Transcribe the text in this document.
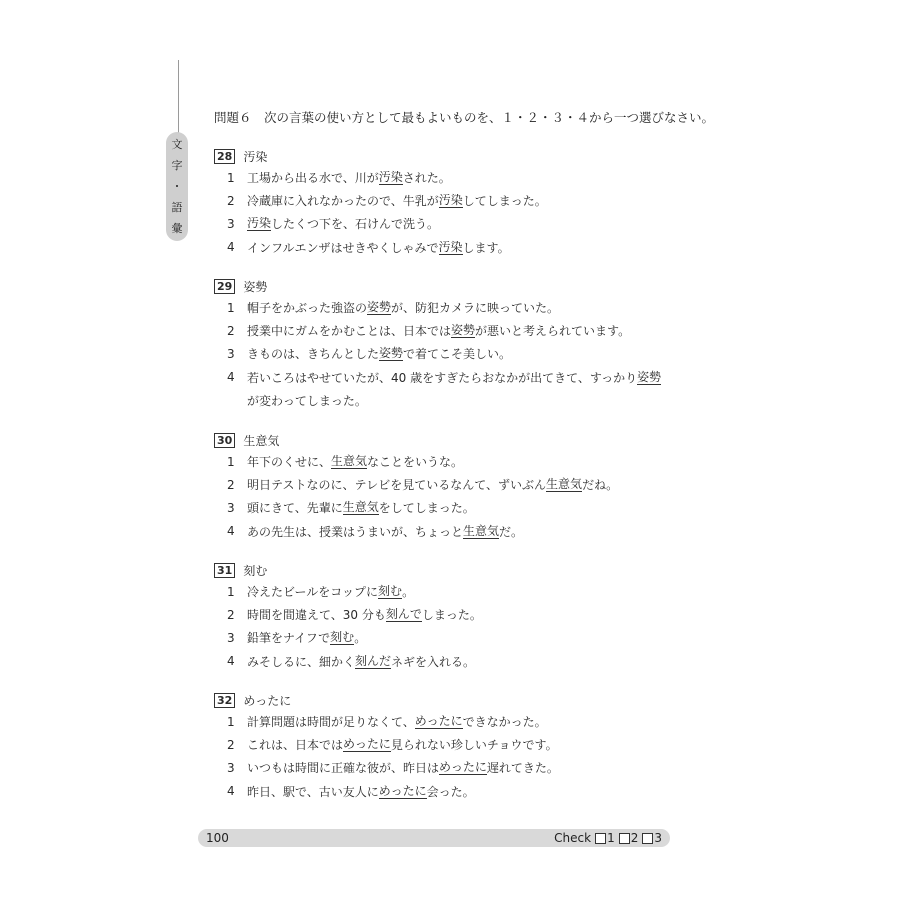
文
字
・
語
彙
問題６　次の言葉の使い方として最もよいものを、１・２・３・４から一つ選びなさい。
28 汚染
1	工場から出る水で、川が 汚染 された。
2	冷蔵庫に入れなかったので、牛乳が 汚染 してしまった。
3	汚染 したくつ下を、石けんで洗う。
4	インフルエンザはせきやくしゃみで 汚染 します。
29 姿勢
1	帽子をかぶった強盗の 姿勢 が、防犯カメラに映っていた。
2	授業中にガムをかむことは、日本では 姿勢 が悪いと考えられています。
3	きものは、きちんとした 姿勢 で着てこそ美しい。
4	若いころはやせていたが、40 歳をすぎたらおなかが出てきて、すっかり 姿勢
が変わってしまった。
30 生意気
1	年下のくせに、 生意気 なことをいうな。
2	明日テストなのに、テレビを見ているなんて、ずいぶん 生意気 だね。
3	頭にきて、先輩に 生意気 をしてしまった。
4	あの先生は、授業はうまいが、ちょっと 生意気 だ。
31 刻む
1	冷えたビールをコップに 刻む 。
2	時間を間違えて、30 分も 刻んで しまった。
3	鉛筆をナイフで 刻む 。
4	みそしるに、細かく 刻んだ ネギを入れる。
32 めったに
1	計算問題は時間が足りなくて、 めったに できなかった。
2	これは、日本では めったに 見られない珍しいチョウです。
3	いつもは時間に正確な彼が、昨日は めったに 遅れてきた。
4	昨日、駅で、古い友人に めったに 会った。
100	Check 1 2 3
